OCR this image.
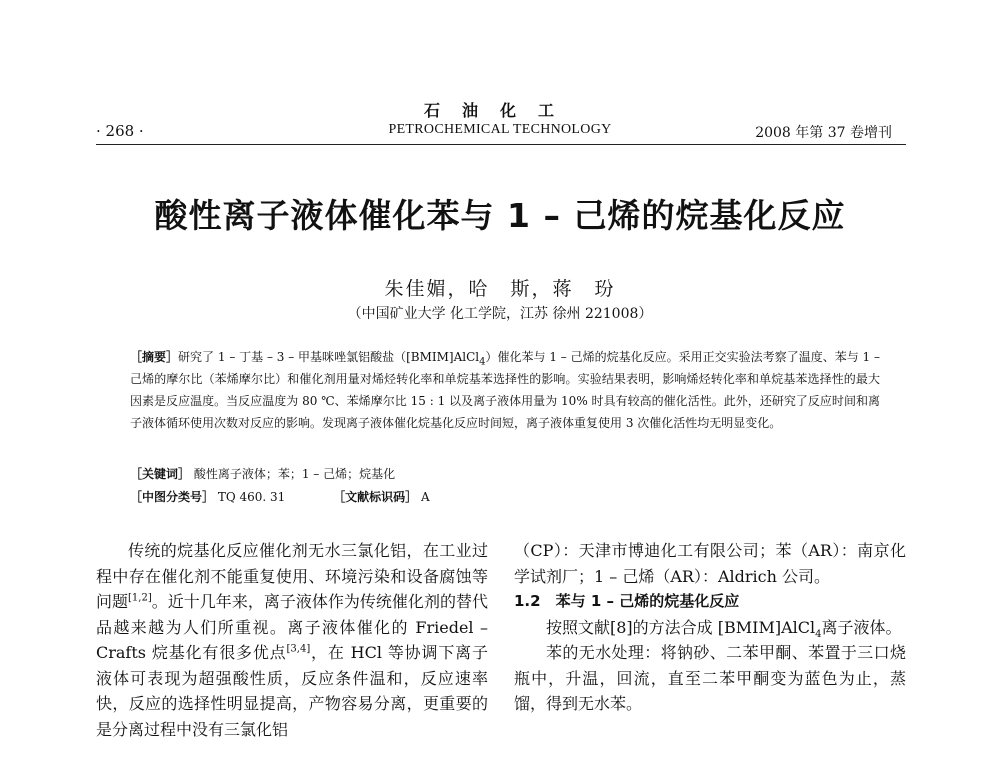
石油化工
· 268 ·	PETROCHEMICAL TECHNOLOGY	2008 年第 37 卷增刊
酸性离子液体催化苯与 1 – 己烯的烷基化反应
朱佳媚，哈　斯，蒋　玢
（中国矿业大学 化工学院，江苏 徐州 221008）

［摘要］研究了 1 – 丁基 – 3 – 甲基咪唑氯铝酸盐（[BMIM]AlCl$_4$）催化苯与 1 – 己烯的烷基化反应。采用正交实验法考察了温度、苯与 1 – 己烯的摩尔比（苯烯摩尔比）和催化剂用量对烯烃转化率和单烷基苯选择性的影响。实验结果表明，影响烯烃转化率和单烷基苯选择性的最大因素是反应温度。当反应温度为 80 ℃、苯烯摩尔比 15 : 1 以及离子液体用量为 10% 时具有较高的催化活性。此外，还研究了反应时间和离子液体循环使用次数对反应的影响。发现离子液体催化烷基化反应时间短，离子液体重复使用 3 次催化活性均无明显变化。

［关键词］ 酸性离子液体；苯；1 – 己烯；烷基化
［中图分类号］ TQ 460. 31	［文献标识码］ A

传统的烷基化反应催化剂无水三氯化铝，在工业过程中存在催化剂不能重复使用、环境污染和设备腐蚀等问题[1,2]。近十几年来，离子液体作为传统催化剂的替代品越来越为人们所重视。离子液体催化的 Friedel – Crafts 烷基化有很多优点[3,4]，在 HCl 等协调下离子液体可表现为超强酸性质，反应条件温和，反应速率快，反应的选择性明显提高，产物容易分离，更重要的是分离过程中没有三氯化铝

（CP）：天津市博迪化工有限公司；苯（AR）：南京化学试剂厂；1 – 己烯（AR）：Aldrich 公司。

1.2　 苯与 1 – 己烯的烷基化反应

按照文献[8]的方法合成 [BMIM]AlCl$_4$离子液体。

苯的无水处理：将钠砂、二苯甲酮、苯置于三口烧瓶中，升温，回流，直至二苯甲酮变为蓝色为止，蒸馏，得到无水苯。
